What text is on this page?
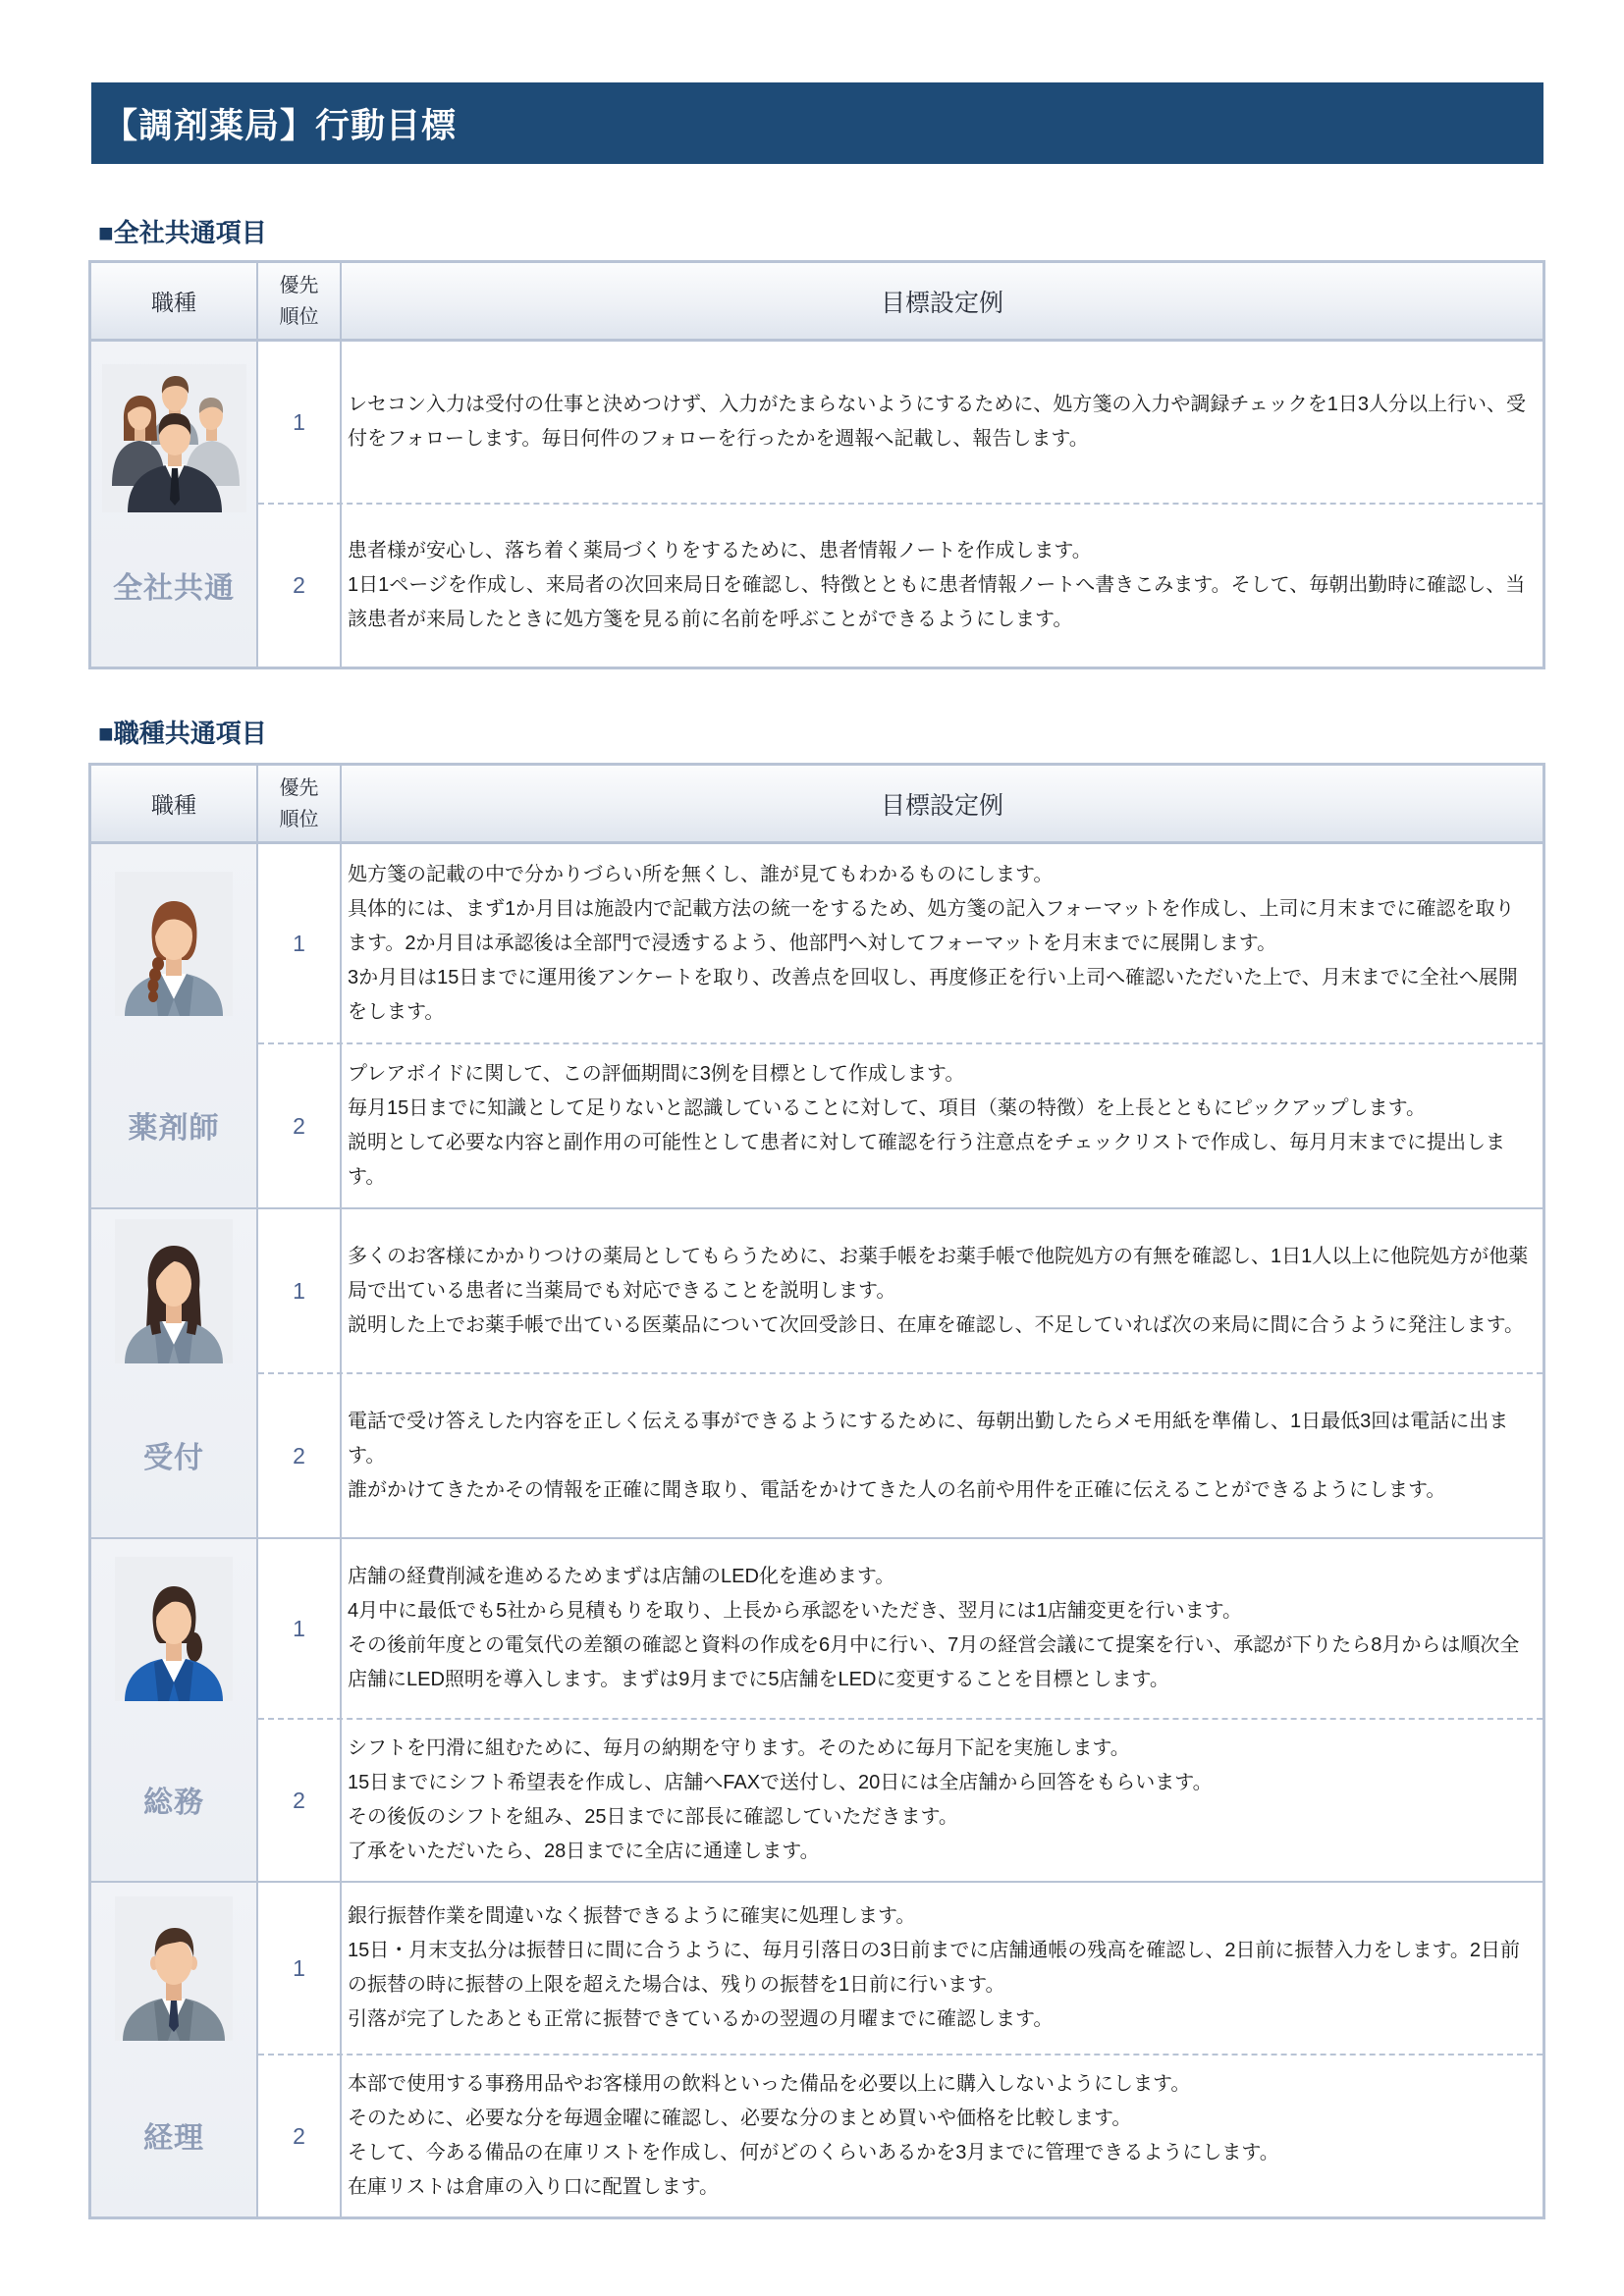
【調剤薬局】行動目標
■全社共通項目
職種
優先
順位	目標設定例
全社共通
1

レセコン入力は受付の仕事と決めつけず、入力がたまらないようにするために、処方箋の入力や調録チェックを1日3人分以上行い、受付をフォローします。毎日何件のフォローを行ったかを週報へ記載し、報告します。

2

患者様が安心し、落ち着く薬局づくりをするために、患者情報ノートを作成します。

1日1ページを作成し、来局者の次回来局日を確認し、特徴とともに患者情報ノートへ書きこみます。そして、毎朝出勤時に確認し、当該患者が来局したときに処方箋を見る前に名前を呼ぶことができるようにします。

■職種共通項目
職種
優先
順位	目標設定例
薬剤師
1

処方箋の記載の中で分かりづらい所を無くし、誰が見てもわかるものにします。

具体的には、まず1か月目は施設内で記載方法の統一をするため、処方箋の記入フォーマットを作成し、上司に月末までに確認を取ります。2か月目は承認後は全部門で浸透するよう、他部門へ対してフォーマットを月末までに展開します。

3か月目は15日までに運用後アンケートを取り、改善点を回収し、再度修正を行い上司へ確認いただいた上で、月末までに全社へ展開をします。

2

プレアボイドに関して、この評価期間に3例を目標として作成します。

毎月15日までに知識として足りないと認識していることに対して、項目（薬の特徴）を上長とともにピックアップします。

説明として必要な内容と副作用の可能性として患者に対して確認を行う注意点をチェックリストで作成し、毎月月末までに提出します。

受付
1

多くのお客様にかかりつけの薬局としてもらうために、お薬手帳をお薬手帳で他院処方の有無を確認し、1日1人以上に他院処方が他薬局で出ている患者に当薬局でも対応できることを説明します。

説明した上でお薬手帳で出ている医薬品について次回受診日、在庫を確認し、不足していれば次の来局に間に合うように発注します。

2

電話で受け答えした内容を正しく伝える事ができるようにするために、毎朝出勤したらメモ用紙を準備し、1日最低3回は電話に出ます。

誰がかけてきたかその情報を正確に聞き取り、電話をかけてきた人の名前や用件を正確に伝えることができるようにします。

総務
1

店舗の経費削減を進めるためまずは店舗のLED化を進めます。

4月中に最低でも5社から見積もりを取り、上長から承認をいただき、翌月には1店舗変更を行います。

その後前年度との電気代の差額の確認と資料の作成を6月中に行い、7月の経営会議にて提案を行い、承認が下りたら8月からは順次全店舗にLED照明を導入します。まずは9月までに5店舗をLEDに変更することを目標とします。

2

シフトを円滑に組むために、毎月の納期を守ります。そのために毎月下記を実施します。

15日までにシフト希望表を作成し、店舗へFAXで送付し、20日には全店舗から回答をもらいます。

その後仮のシフトを組み、25日までに部長に確認していただきます。

了承をいただいたら、28日までに全店に通達します。

経理
1

銀行振替作業を間違いなく振替できるように確実に処理します。

15日・月末支払分は振替日に間に合うように、毎月引落日の3日前までに店舗通帳の残高を確認し、2日前に振替入力をします。2日前の振替の時に振替の上限を超えた場合は、残りの振替を1日前に行います。

引落が完了したあとも正常に振替できているかの翌週の月曜までに確認します。

2

本部で使用する事務用品やお客様用の飲料といった備品を必要以上に購入しないようにします。

そのために、必要な分を毎週金曜に確認し、必要な分のまとめ買いや価格を比較します。

そして、今ある備品の在庫リストを作成し、何がどのくらいあるかを3月までに管理できるようにします。

在庫リストは倉庫の入り口に配置します。
